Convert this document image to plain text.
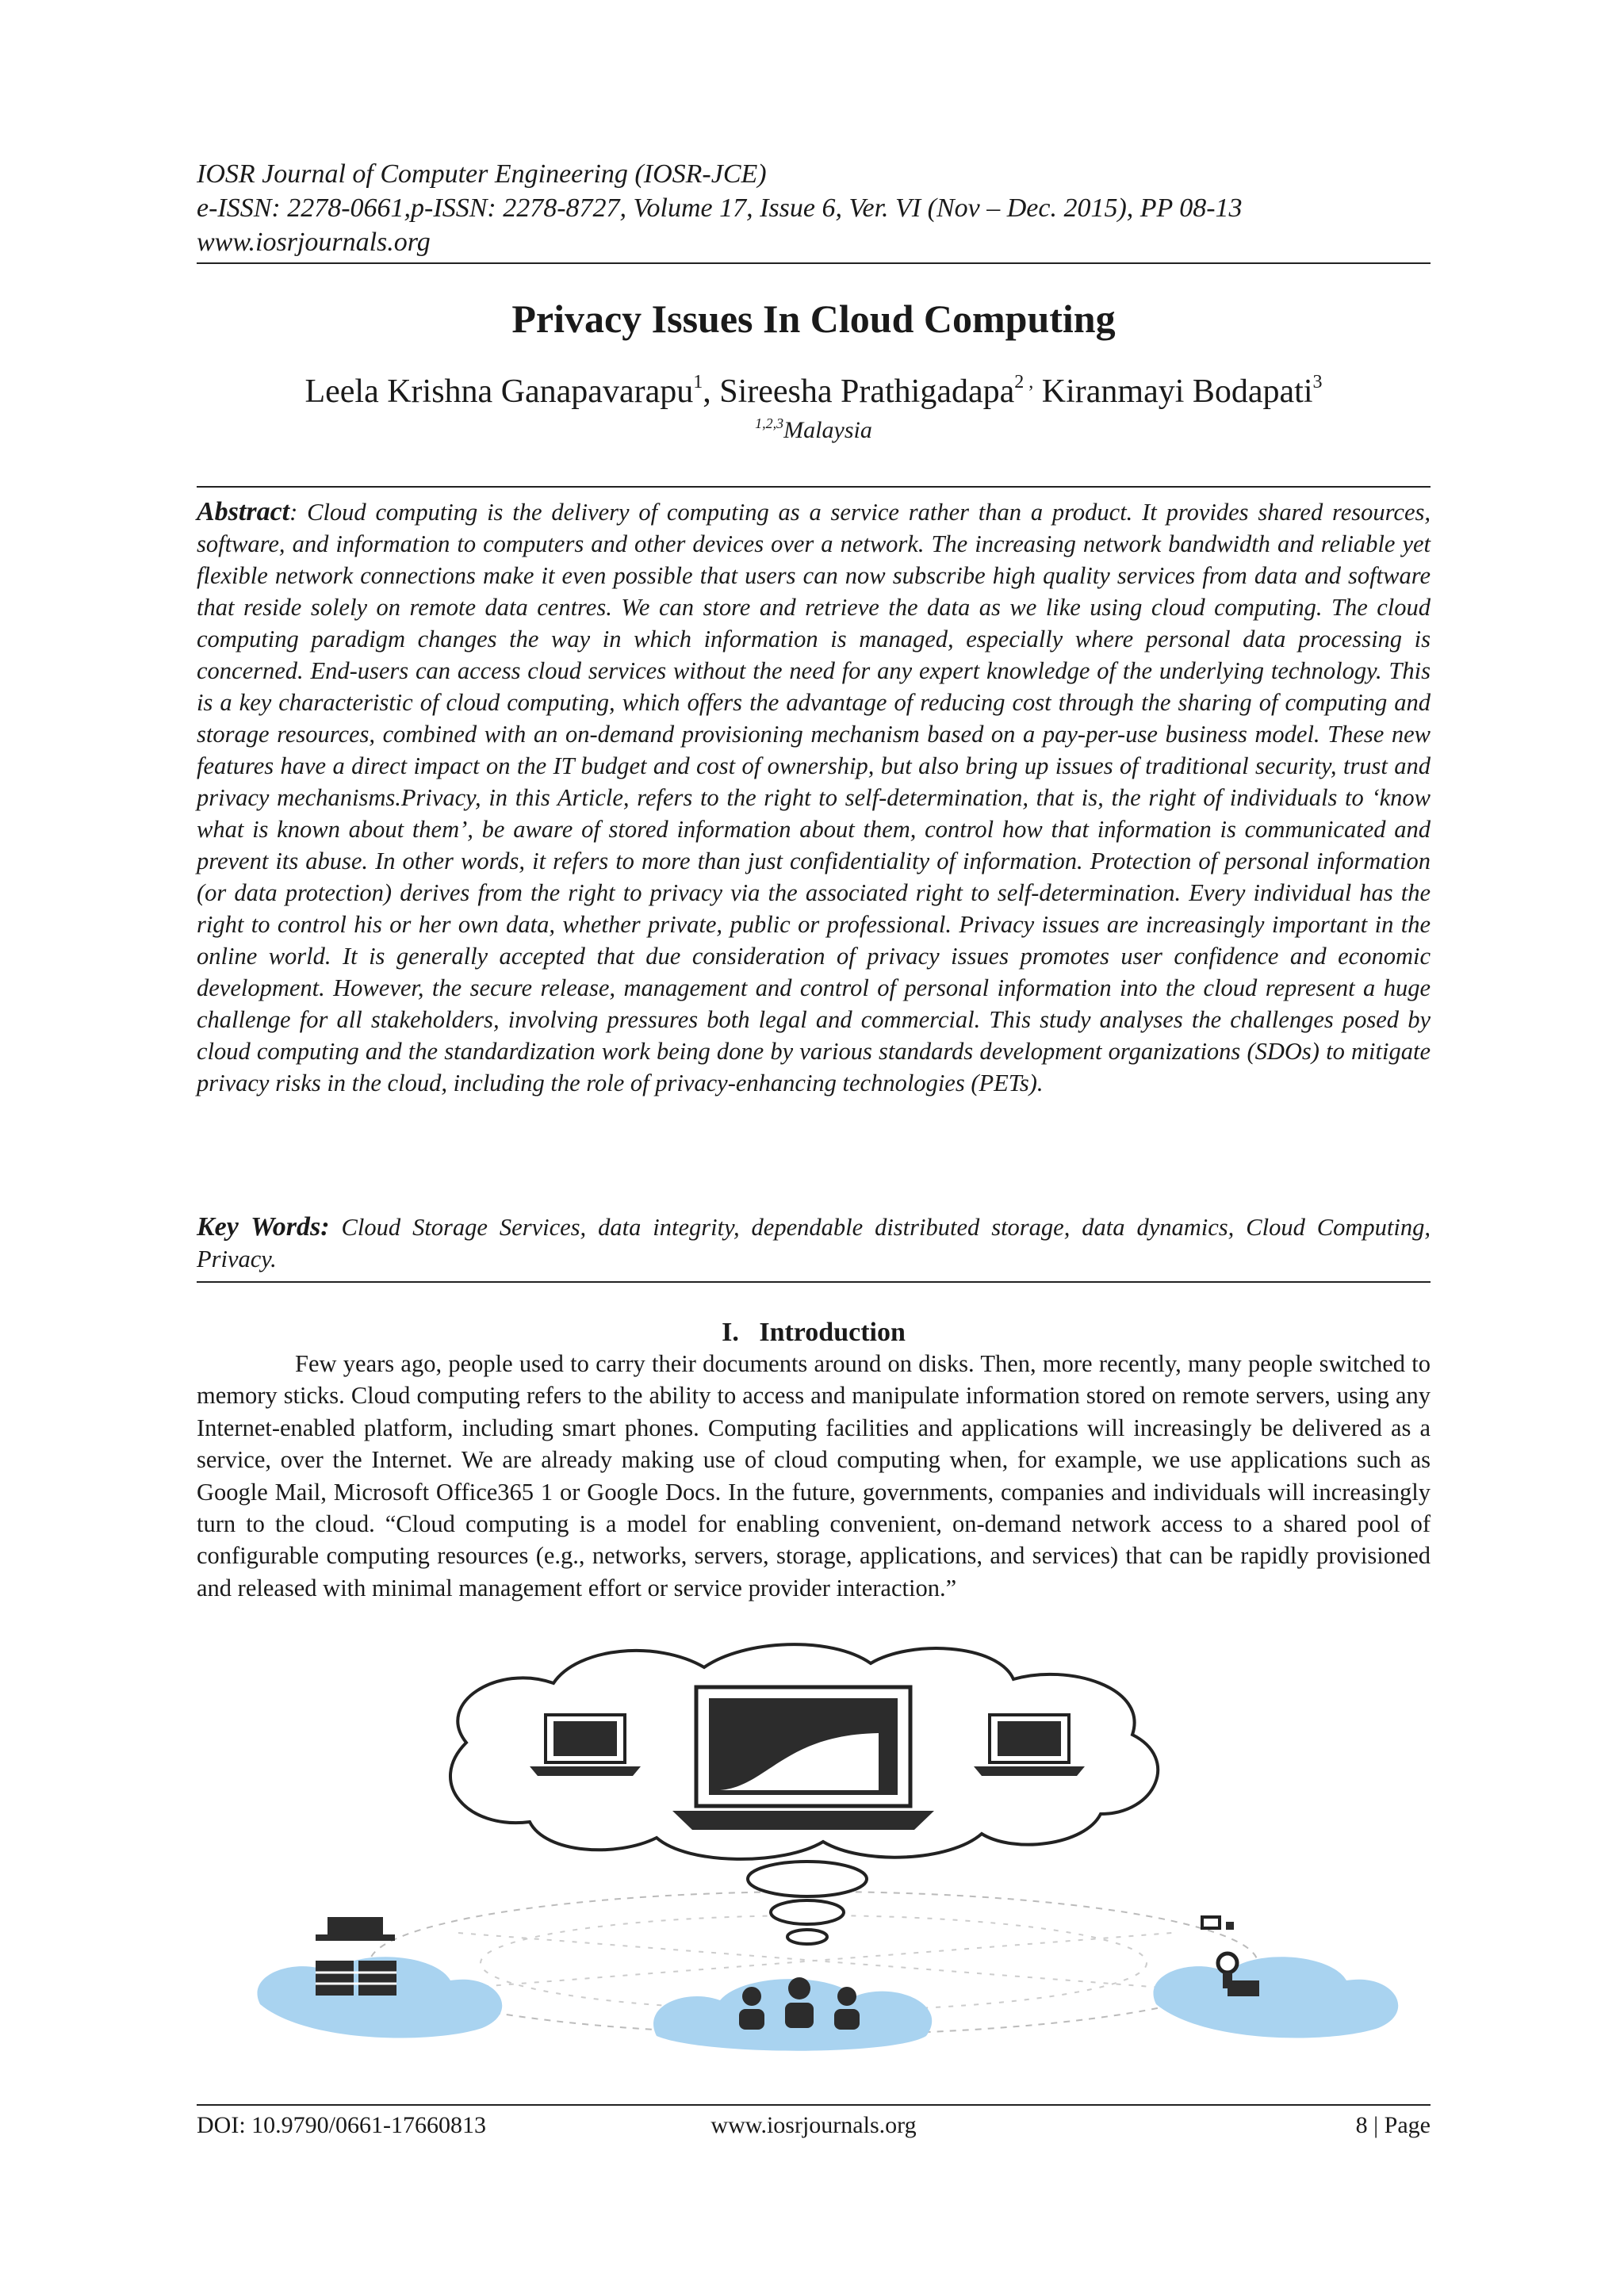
IOSR Journal of Computer Engineering (IOSR-JCE)
e-ISSN: 2278-0661,p-ISSN: 2278-8727, Volume 17, Issue 6, Ver. VI (Nov – Dec. 2015), PP 08-13
www.iosrjournals.org
Privacy Issues In Cloud Computing
Leela Krishna Ganapavarapu$^1$, Sireesha Prathigadapa$^{2 ,}$ Kiranmayi Bodapati$^3$
$^{1,2,3}$Malaysia
Abstract: Cloud computing is the delivery of computing as a service rather than a product. It provides shared resources, software, and information to computers and other devices over a network. The increasing network bandwidth and reliable yet flexible network connections make it even possible that users can now subscribe high quality services from data and software that reside solely on remote data centres. We can store and retrieve the data as we like using cloud computing. The cloud computing paradigm changes the way in which information is managed, especially where personal data processing is concerned. End-users can access cloud services without the need for any expert knowledge of the underlying technology. This is a key characteristic of cloud computing, which offers the advantage of reducing cost through the sharing of computing and storage resources, combined with an on-demand provisioning mechanism based on a pay-per-use business model. These new features have a direct impact on the IT budget and cost of ownership, but also bring up issues of traditional security, trust and privacy mechanisms.Privacy, in this Article, refers to the right to self-determination, that is, the right of individuals to ‘know what is known about them’, be aware of stored information about them, control how that information is communicated and prevent its abuse. In other words, it refers to more than just confidentiality of information. Protection of personal information (or data protection) derives from the right to privacy via the associated right to self-determination. Every individual has the right to control his or her own data, whether private, public or professional. Privacy issues are increasingly important in the online world. It is generally accepted that due consideration of privacy issues promotes user confidence and economic development. However, the secure release, management and control of personal information into the cloud represent a huge challenge for all stakeholders, involving pressures both legal and commercial. This study analyses the challenges posed by cloud computing and the standardization work being done by various standards development organizations (SDOs) to mitigate privacy risks in the cloud, including the role of privacy-enhancing technologies (PETs).
Key Words: Cloud Storage Services, data integrity, dependable distributed storage, data dynamics, Cloud Computing, Privacy.
I. Introduction
Few years ago, people used to carry their documents around on disks. Then, more recently, many people switched to memory sticks. Cloud computing refers to the ability to access and manipulate information stored on remote servers, using any Internet-enabled platform, including smart phones. Computing facilities and applications will increasingly be delivered as a service, over the Internet. We are already making use of cloud computing when, for example, we use applications such as Google Mail, Microsoft Office365 1 or Google Docs. In the future, governments, companies and individuals will increasingly turn to the cloud. “Cloud computing is a model for enabling convenient, on-demand network access to a shared pool of configurable computing resources (e.g., networks, servers, storage, applications, and services) that can be rapidly provisioned and released with minimal management effort or service provider interaction.”
DOI: 10.9790/0661-17660813	www.iosrjournals.org	8 | Page
